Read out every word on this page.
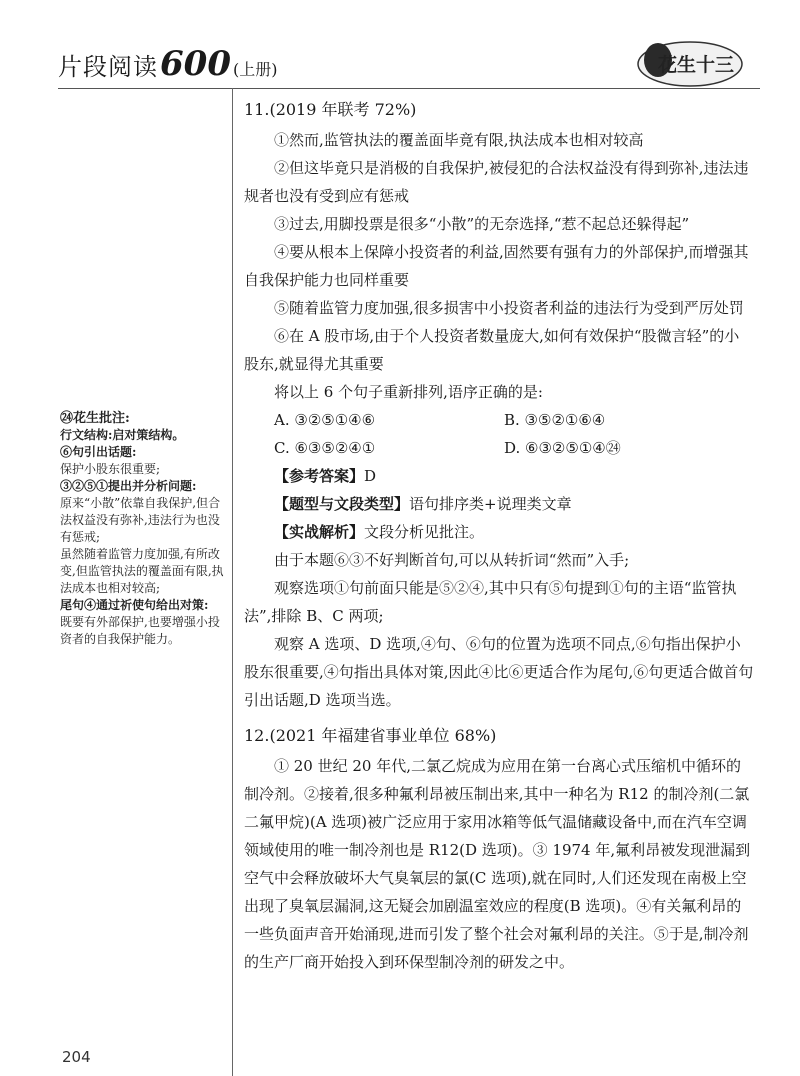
片段阅读 600 (上册)	花生十三
㉔花生批注:
行文结构:启对策结构。
⑥句引出话题:
保护小股东很重要;
③②⑤①提出并分析问题:
原来“小散”依靠自我保护,但合法权益没有弥补,违法行为也没有惩戒;
虽然随着监管力度加强,有所改变,但监管执法的覆盖面有限,执法成本也相对较高;
尾句④通过祈使句给出对策:
既要有外部保护,也要增强小投资者的自我保护能力。
11.(2019 年联考 72%)

①然而,监管执法的覆盖面毕竟有限,执法成本也相对较高

②但这毕竟只是消极的自我保护,被侵犯的合法权益没有得到弥补,违法违规者也没有受到应有惩戒

③过去,用脚投票是很多“小散”的无奈选择,“惹不起总还躲得起”

④要从根本上保障小投资者的利益,固然要有强有力的外部保护,而增强其自我保护能力也同样重要

⑤随着监管力度加强,很多损害中小投资者利益的违法行为受到严厉处罚

⑥在 A 股市场,由于个人投资者数量庞大,如何有效保护“股微言轻”的小股东,就显得尤其重要

将以上 6 个句子重新排列,语序正确的是:

A. ③②⑤①④⑥	B. ③⑤②①⑥④
C. ⑥③⑤②④①	D. ⑥③②⑤①④㉔

【参考答案】D

【题型与文段类型】语句排序类+说理类文章

【实战解析】文段分析见批注。

由于本题⑥③不好判断首句,可以从转折词“然而”入手;

观察选项①句前面只能是⑤②④,其中只有⑤句提到①句的主语“监管执法”,排除 B、C 两项;

观察 A 选项、D 选项,④句、⑥句的位置为选项不同点,⑥句指出保护小股东很重要,④句指出具体对策,因此④比⑥更适合作为尾句,⑥句更适合做首句引出话题,D 选项当选。

12.(2021 年福建省事业单位 68%)

① 20 世纪 20 年代,二氯乙烷成为应用在第一台离心式压缩机中循环的制冷剂。②接着,很多种氟利昂被压制出来,其中一种名为 R12 的制冷剂(二氯二氟甲烷)(A 选项)被广泛应用于家用冰箱等低气温储藏设备中,而在汽车空调领域使用的唯一制冷剂也是 R12(D 选项)。③ 1974 年,氟利昂被发现泄漏到空气中会释放破坏大气臭氧层的氯(C 选项),就在同时,人们还发现在南极上空出现了臭氧层漏洞,这无疑会加剧温室效应的程度(B 选项)。④有关氟利昂的一些负面声音开始涌现,进而引发了整个社会对氟利昂的关注。⑤于是,制冷剂的生产厂商开始投入到环保型制冷剂的研发之中。

204
